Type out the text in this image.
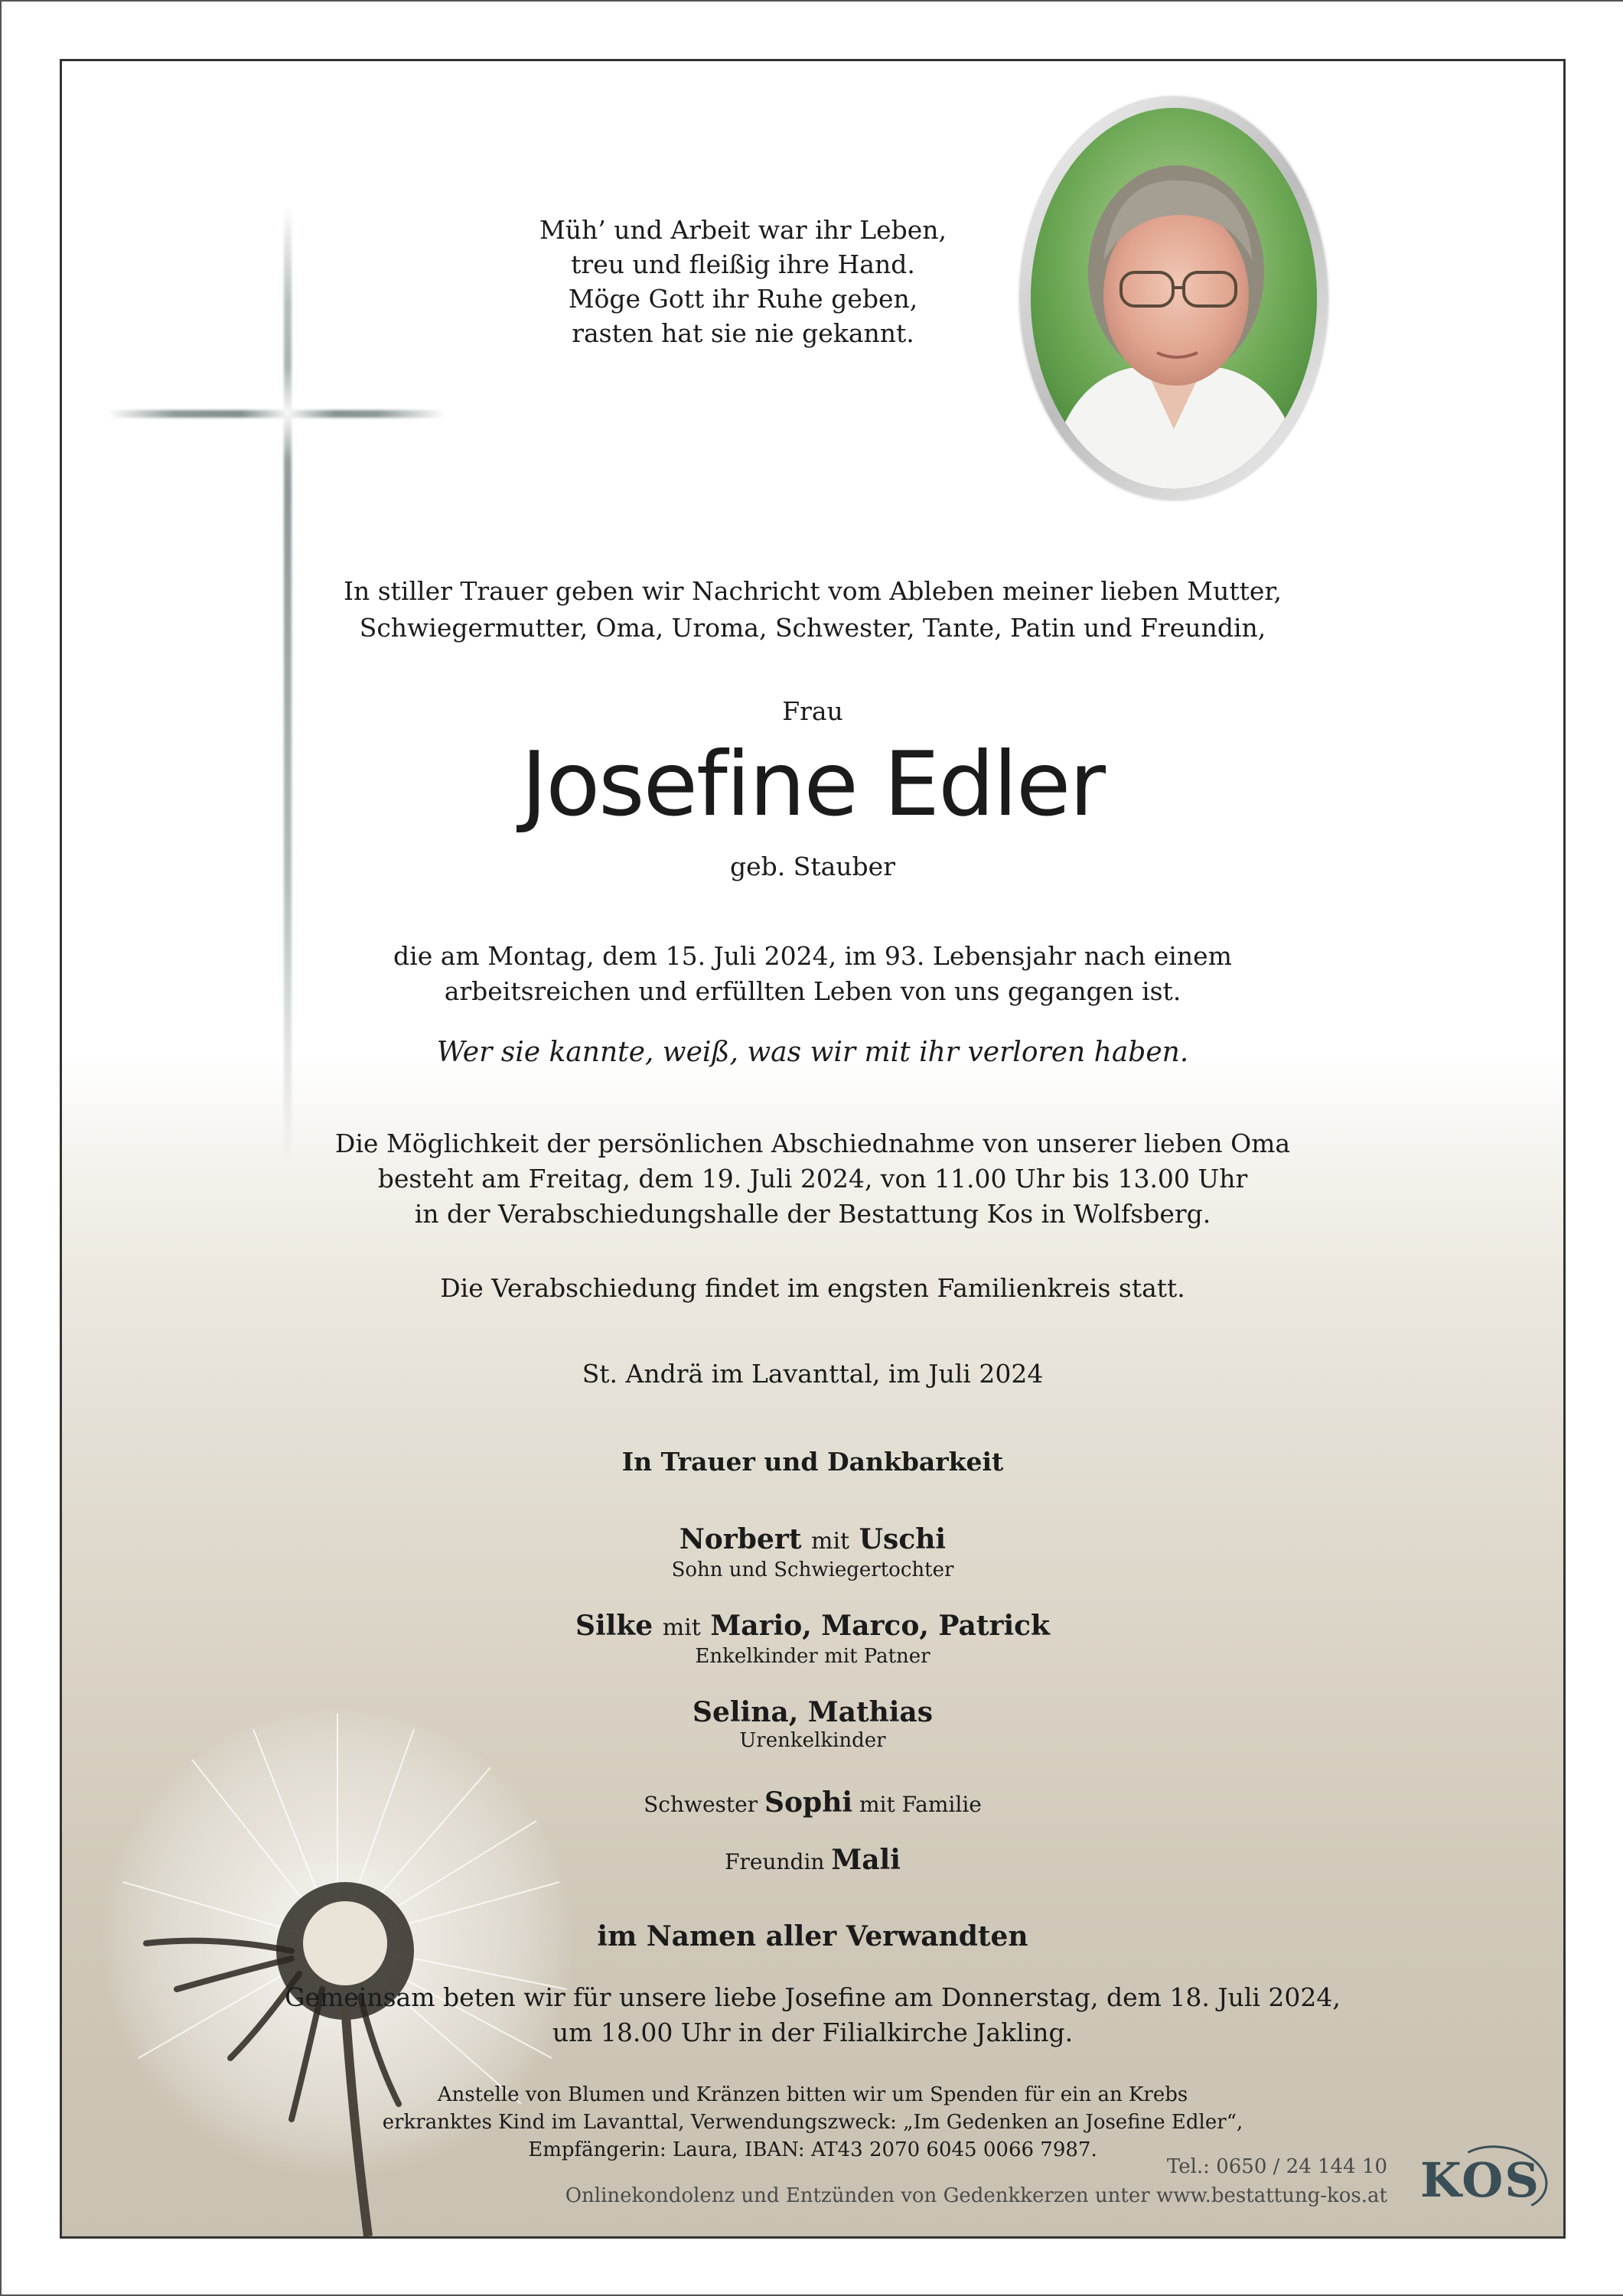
Müh’ und Arbeit war ihr Leben,
treu und fleißig ihre Hand.
Möge Gott ihr Ruhe geben,
rasten hat sie nie gekannt.
In stiller Trauer geben wir Nachricht vom Ableben meiner lieben Mutter,
Schwiegermutter, Oma, Uroma, Schwester, Tante, Patin und Freundin,
Frau
Josefine Edler
geb. Stauber
die am Montag, dem 15. Juli 2024, im 93. Lebensjahr nach einem
arbeitsreichen und erfüllten Leben von uns gegangen ist.
Wer sie kannte, weiß, was wir mit ihr verloren haben.
Die Möglichkeit der persönlichen Abschiednahme von unserer lieben Oma
besteht am Freitag, dem 19. Juli 2024, von 11.00 Uhr bis 13.00 Uhr
in der Verabschiedungshalle der Bestattung Kos in Wolfsberg.
Die Verabschiedung findet im engsten Familienkreis statt.
St. Andrä im Lavanttal, im Juli 2024
In Trauer und Dankbarkeit
Norbert mit Uschi
Sohn und Schwiegertochter
Silke mit Mario, Marco, Patrick
Enkelkinder mit Patner
Selina, Mathias
Urenkelkinder
Schwester Sophi mit Familie
Freundin Mali
im Namen aller Verwandten
Gemeinsam beten wir für unsere liebe Josefine am Donnerstag, dem 18. Juli 2024,
um 18.00 Uhr in der Filialkirche Jakling.
Anstelle von Blumen und Kränzen bitten wir um Spenden für ein an Krebs
erkranktes Kind im Lavanttal, Verwendungszweck: „Im Gedenken an Josefine Edler“,
Empfängerin: Laura, IBAN: AT43 2070 6045 0066 7987.
Tel.: 0650 / 24 144 10
Onlinekondolenz und Entzünden von Gedenkkerzen unter www.bestattung-kos.at KOS
